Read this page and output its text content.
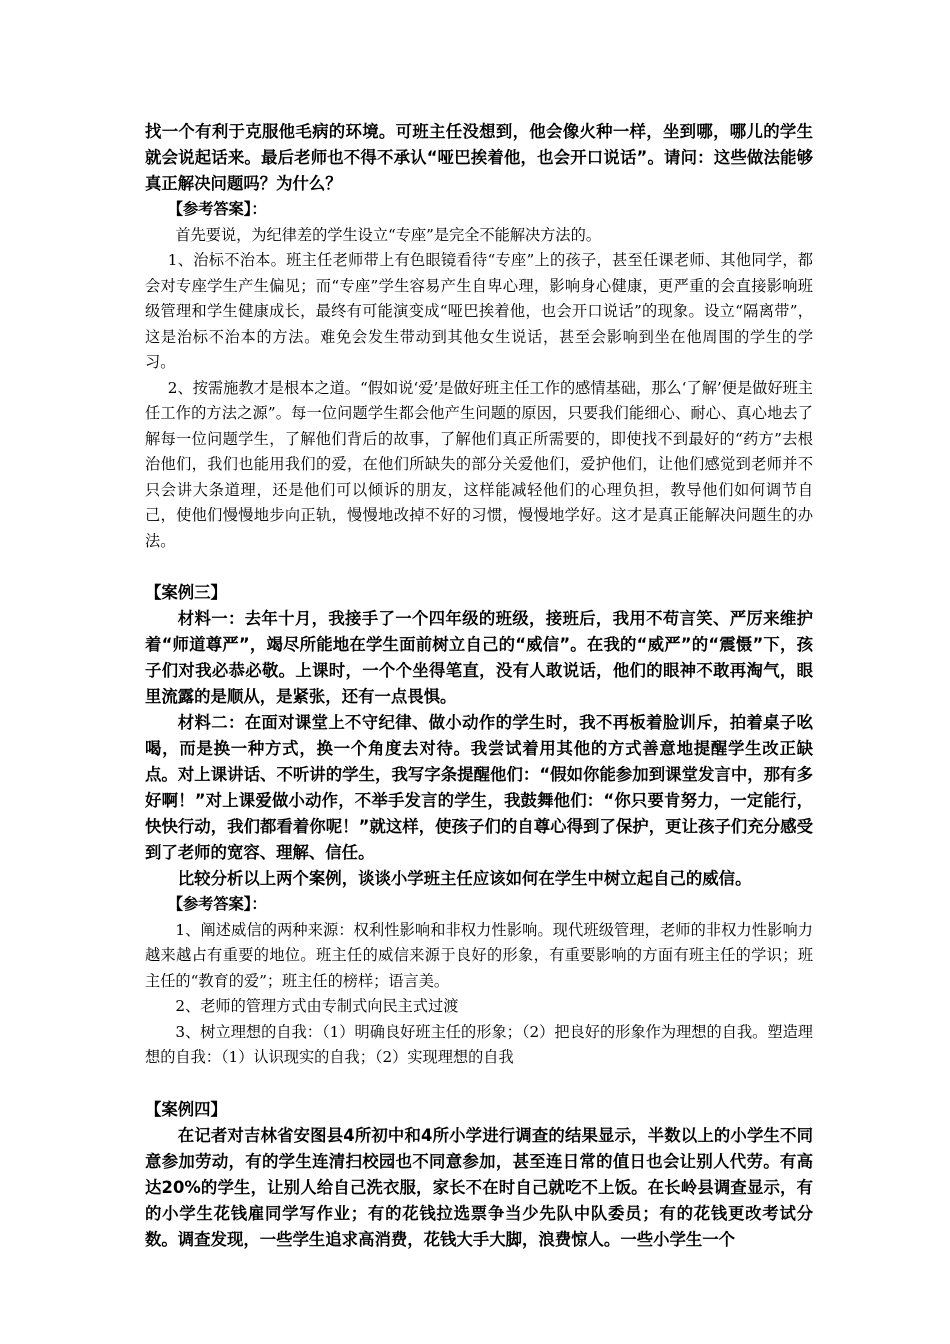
找一个有利于克服他毛病的环境。可班主任没想到，他会像火种一样，坐到哪，哪儿的学生就会说起话来。最后老师也不得不承认“哑巴挨着他，也会开口说话”。请问：这些做法能够真正解决问题吗？为什么？

【参考答案】：

首先要说，为纪律差的学生设立“专座”是完全不能解决方法的。

1、治标不治本。班主任老师带上有色眼镜看待“专座”上的孩子，甚至任课老师、其他同学，都会对专座学生产生偏见；而“专座”学生容易产生自卑心理，影响身心健康，更严重的会直接影响班级管理和学生健康成长，最终有可能演变成“哑巴挨着他，也会开口说话”的现象。设立“隔离带”，这是治标不治本的方法。难免会发生带动到其他女生说话，甚至会影响到坐在他周围的学生的学习。

2、按需施教才是根本之道。“假如说‘爱’是做好班主任工作的感情基础，那么‘了解’便是做好班主任工作的方法之源”。每一位问题学生都会他产生问题的原因，只要我们能细心、耐心、真心地去了解每一位问题学生，了解他们背后的故事，了解他们真正所需要的，即使找不到最好的“药方”去根治他们，我们也能用我们的爱，在他们所缺失的部分关爱他们，爱护他们，让他们感觉到老师并不只会讲大条道理，还是他们可以倾诉的朋友，这样能减轻他们的心理负担，教导他们如何调节自己，使他们慢慢地步向正轨，慢慢地改掉不好的习惯，慢慢地学好。这才是真正能解决问题生的办法。

【案例三】

材料一：去年十月，我接手了一个四年级的班级，接班后，我用不苟言笑、严厉来维护着“师道尊严”，竭尽所能地在学生面前树立自己的“威信”。在我的“威严”的“震慑”下，孩子们对我必恭必敬。上课时，一个个坐得笔直，没有人敢说话，他们的眼神不敢再淘气，眼里流露的是顺从，是紧张，还有一点畏惧。

材料二：在面对课堂上不守纪律、做小动作的学生时，我不再板着脸训斥，拍着桌子吆喝，而是换一种方式，换一个角度去对待。我尝试着用其他的方式善意地提醒学生改正缺点。对上课讲话、不听讲的学生，我写字条提醒他们：“假如你能参加到课堂发言中，那有多好啊！”对上课爱做小动作，不举手发言的学生，我鼓舞他们：“你只要肯努力，一定能行，快快行动，我们都看着你呢！”就这样，使孩子们的自尊心得到了保护，更让孩子们充分感受到了老师的宽容、理解、信任。

比较分析以上两个案例，谈谈小学班主任应该如何在学生中树立起自己的威信。

【参考答案】：

1、阐述威信的两种来源：权利性影响和非权力性影响。现代班级管理，老师的非权力性影响力越来越占有重要的地位。班主任的威信来源于良好的形象，有重要影响的方面有班主任的学识；班主任的“教育的爱”；班主任的榜样；语言美。

2、老师的管理方式由专制式向民主式过渡

3、树立理想的自我：（1）明确良好班主任的形象；（2）把良好的形象作为理想的自我。塑造理想的自我：（1）认识现实的自我；（2）实现理想的自我

【案例四】

在记者对吉林省安图县4所初中和4所小学进行调查的结果显示，半数以上的小学生不同意参加劳动，有的学生连清扫校园也不同意参加，甚至连日常的值日也会让别人代劳。有高达20%的学生，让别人给自己洗衣服，家长不在时自己就吃不上饭。在长岭县调查显示，有的小学生花钱雇同学写作业；有的花钱拉选票争当少先队中队委员；有的花钱更改考试分数。调查发现，一些学生追求高消费，花钱大手大脚，浪费惊人。一些小学生一个
